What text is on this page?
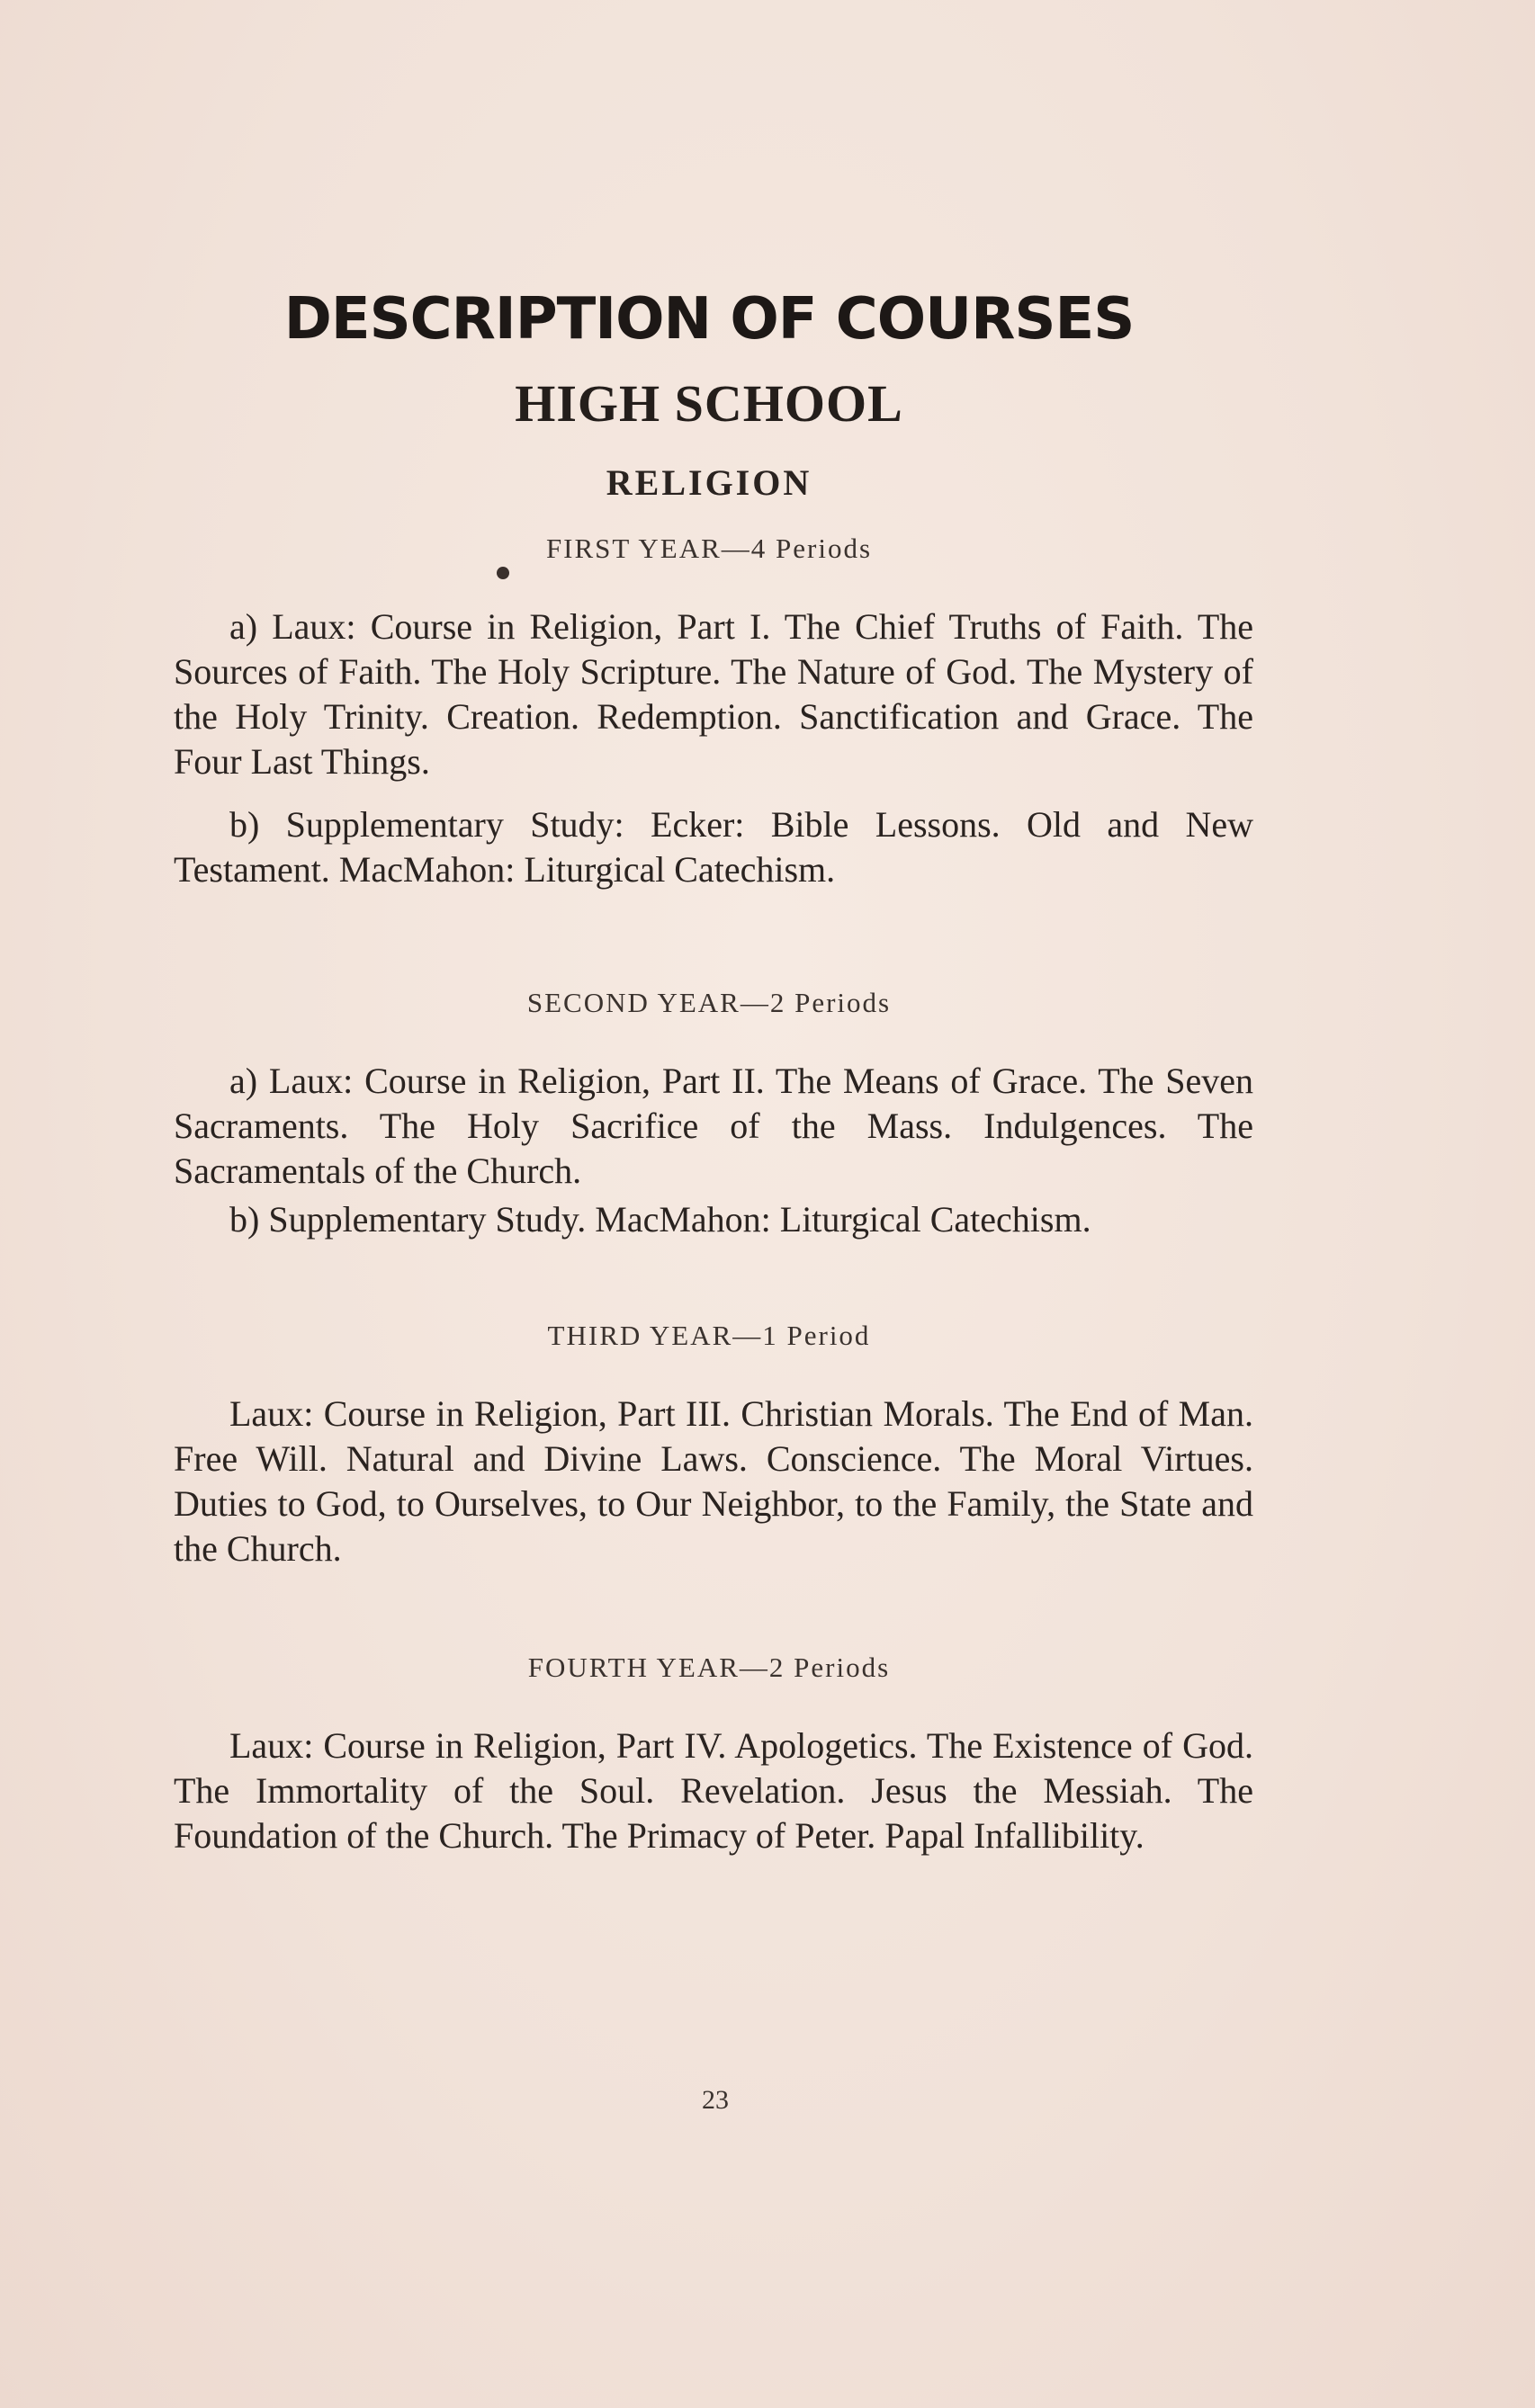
DESCRIPTION OF COURSES
HIGH SCHOOL
RELIGION

FIRST YEAR—4 Periods

a) Laux: Course in Religion, Part I. The Chief Truths of Faith. The Sources of Faith. The Holy Scripture. The Nature of God. The Mystery of the Holy Trinity. Creation. Redemption. Sanctification and Grace. The Four Last Things.

b) Supplementary Study: Ecker: Bible Lessons. Old and New Testament. MacMahon: Liturgical Catechism.

SECOND YEAR—2 Periods

a) Laux: Course in Religion, Part II. The Means of Grace. The Seven Sacraments. The Holy Sacrifice of the Mass. Indulgences. The Sacramentals of the Church.

b) Supplementary Study. MacMahon: Liturgical Catechism.

THIRD YEAR—1 Period

Laux: Course in Religion, Part III. Christian Morals. The End of Man. Free Will. Natural and Divine Laws. Conscience. The Moral Virtues. Duties to God, to Ourselves, to Our Neighbor, to the Family, the State and the Church.

FOURTH YEAR—2 Periods

Laux: Course in Religion, Part IV. Apologetics. The Existence of God. The Immortality of the Soul. Revelation. Jesus the Messiah. The Foundation of the Church. The Primacy of Peter. Papal Infallibility.

23
